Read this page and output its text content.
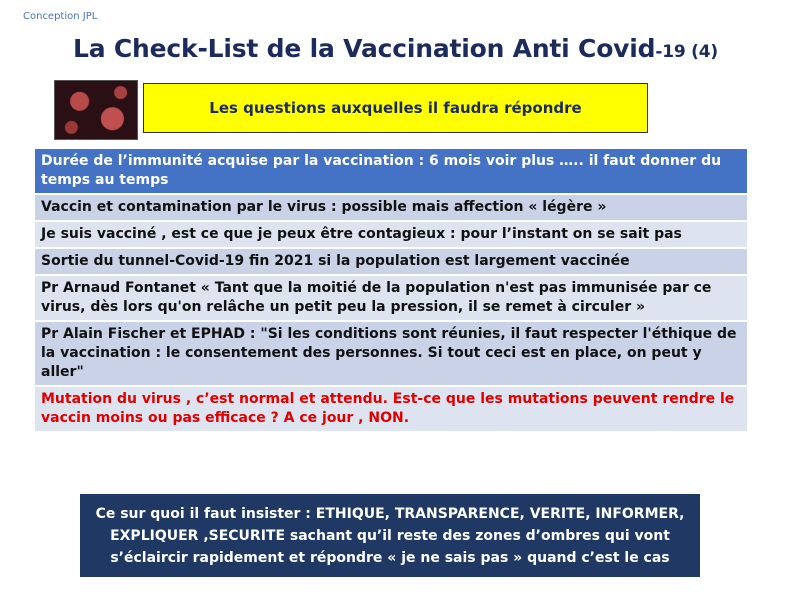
Conception JPL
La Check-List de la Vaccination Anti Covid-19 (4)
Les questions auxquelles il faudra répondre
Durée de l’immunité acquise par la vaccination : 6 mois voir plus ….. il faut donner du temps au temps
Vaccin et contamination par le virus : possible mais affection « légère »
Je suis vacciné , est ce que je peux être contagieux : pour l’instant on se sait pas
Sortie du tunnel-Covid-19 fin 2021 si la population est largement vaccinée
Pr Arnaud Fontanet « Tant que la moitié de la population n'est pas immunisée par ce virus, dès lors qu'on relâche un petit peu la pression, il se remet à circuler »
Pr Alain Fischer et EPHAD : "Si les conditions sont réunies, il faut respecter l'éthique de la vaccination : le consentement des personnes. Si tout ceci est en place, on peut y aller"
Mutation du virus , c’est normal et attendu. Est-ce que les mutations peuvent rendre le vaccin moins ou pas efficace ? A ce jour , NON.
Ce sur quoi il faut insister : ETHIQUE, TRANSPARENCE, VERITE, INFORMER, EXPLIQUER ,SECURITE sachant qu’il reste des zones d’ombres qui vont s’éclaircir rapidement et répondre « je ne sais pas » quand c’est le cas
